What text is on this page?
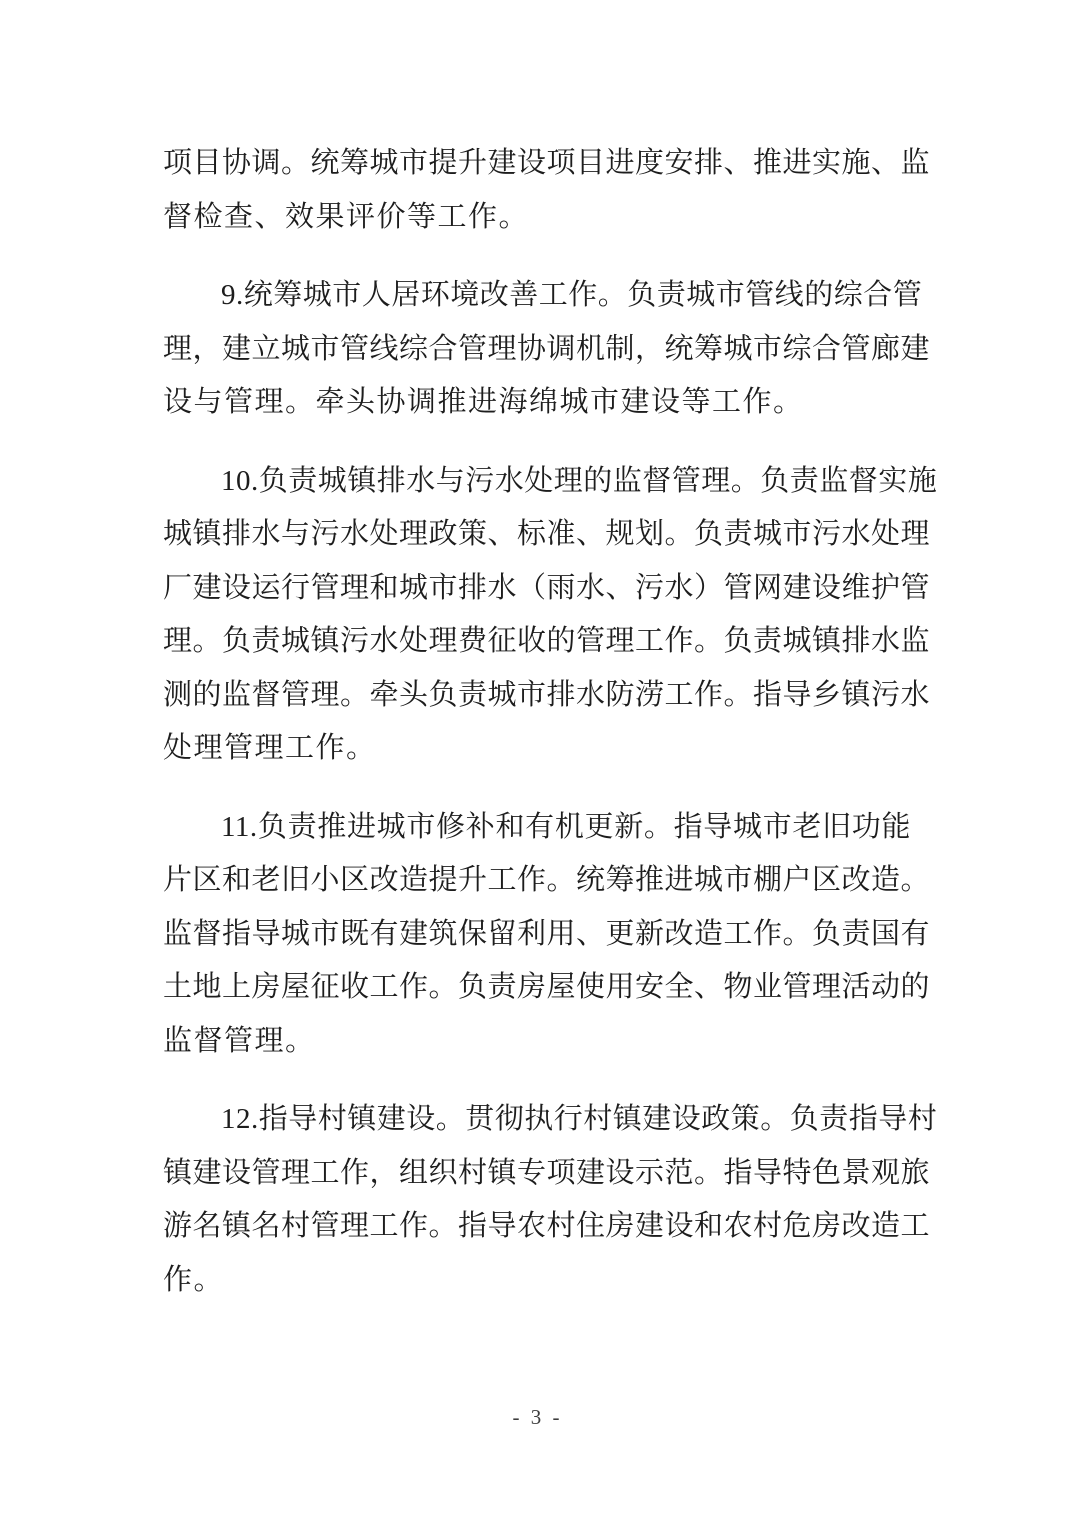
项目协调。统筹城市提升建设项目进度安排、推进实施、监
督检查、效果评价等工作。
9.统筹城市人居环境改善工作。负责城市管线的综合管
理，建立城市管线综合管理协调机制，统筹城市综合管廊建
设与管理。牵头协调推进海绵城市建设等工作。
10.负责城镇排水与污水处理的监督管理。负责监督实施
城镇排水与污水处理政策、标准、规划。负责城市污水处理
厂建设运行管理和城市排水（雨水、污水）管网建设维护管
理。负责城镇污水处理费征收的管理工作。负责城镇排水监
测的监督管理。牵头负责城市排水防涝工作。指导乡镇污水
处理管理工作。
11.负责推进城市修补和有机更新。指导城市老旧功能
片区和老旧小区改造提升工作。统筹推进城市棚户区改造。
监督指导城市既有建筑保留利用、更新改造工作。负责国有
土地上房屋征收工作。负责房屋使用安全、物业管理活动的
监督管理。
12.指导村镇建设。贯彻执行村镇建设政策。负责指导村
镇建设管理工作，组织村镇专项建设示范。指导特色景观旅
游名镇名村管理工作。指导农村住房建设和农村危房改造工
作。
- 3 -
